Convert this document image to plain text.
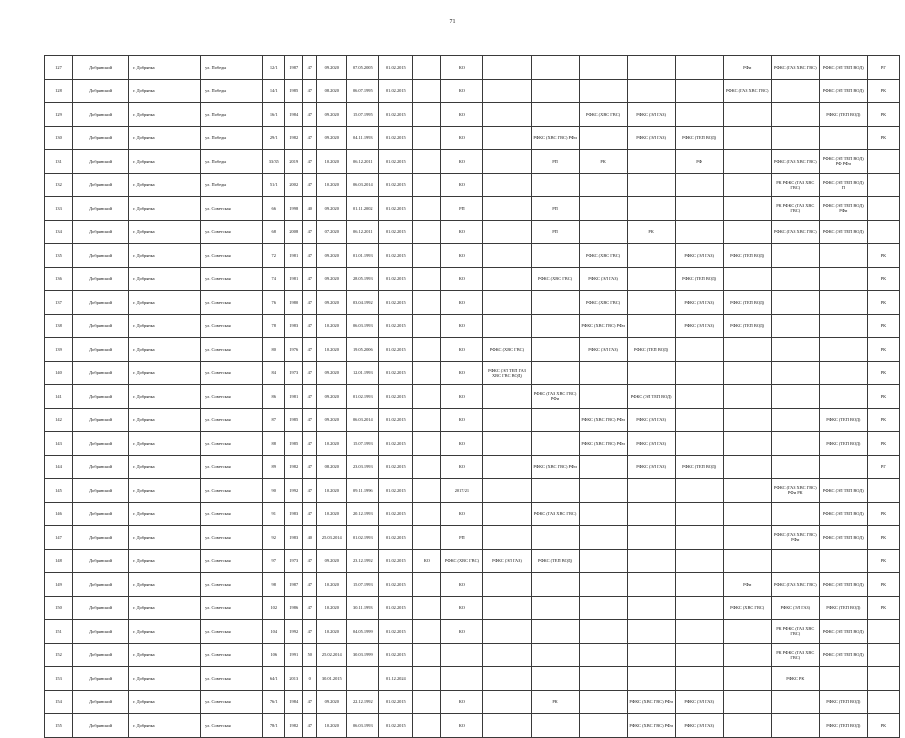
71
127	Добрянский	г. Добрянка	ул. Победы	12/1	1987	47	09.2020	07.05.2005	01.02.2015		КО						РФи	РФКС (ГАЗ ХВС ГВС)	РФКС (ЭЛ ТЕП ВОД)	РГ
128	Добрянский	г. Добрянка	ул. Победы	14/1	1985	47	08.2020	06.07.1995	01.02.2015		КО						РФКС (ГАЗ ХВС ГВС)		РФКС (ЭЛ ТЕП ВОД)	РК
129	Добрянский	г. Добрянка	ул. Победы	16/1	1984	47	09.2020	15.07.1995	01.02.2015		КО			РФКС (ХВС ГВС)	РФКС (ЭЛ ГАЗ)				РФКС (ТЕП ВОД)	РК
130	Добрянский	г. Добрянка	ул. Победы	29/1	1982	47	09.2020	04.11.1993	01.02.2015		КО		РФКС (ХВС ГВС) РФи		РФКС (ЭЛ ГАЗ)	РФКС (ТЕП ВОД)				РК
131	Добрянский	г. Добрянка	ул. Победы	33/35	2019	47	10.2020	06.12.2011	01.02.2015		КО		РП	РК		РФ		РФКС (ГАЗ ХВС ГВС)	РФКС (ЭЛ ТЕП ВОД) РФ РФи	
132	Добрянский	г. Добрянка	ул. Победы	51/1	2002	47	10.2020	06.03.2014	01.02.2015		КО							РК РФКС (ГАЗ ХВС ГВС)	РФКС (ЭЛ ТЕП ВОД) П	
133	Добрянский	г. Добрянка	ул. Советская	66	1998	40	09.2020	01.11.2002	01.02.2015		РП		РП					РК РФКС (ГАЗ ХВС ГВС)	РФКС (ЭЛ ТЕП ВОД) РФи	
134	Добрянский	г. Добрянка	ул. Советская	68	2008	47	07.2020	06.12.2011	01.02.2015		КО		РП		РК			РФКС (ГАЗ ХВС ГВС)	РФКС (ЭЛ ТЕП ВОД)	
135	Добрянский	г. Добрянка	ул. Советская	72	1981	47	09.2020	01.01.1993	01.02.2015		КО			РФКС (ХВС ГВС)		РФКС (ЭЛ ГАЗ)	РФКС (ТЕП ВОД)			РК
136	Добрянский	г. Добрянка	ул. Советская	74	1981	47	09.2020	28.05.1993	01.02.2015		КО		РФКС (ХВС ГВС)	РФКС (ЭЛ ГАЗ)		РФКС (ТЕП ВОД)				РК
137	Добрянский	г. Добрянка	ул. Советская	76	1980	47	09.2020	03.04.1992	01.02.2015		КО			РФКС (ХВС ГВС)		РФКС (ЭЛ ГАЗ)	РФКС (ТЕП ВОД)			РК
138	Добрянский	г. Добрянка	ул. Советская	78	1983	47	10.2020	06.03.1993	01.02.2015		КО			РФКС (ХВС ГВС) РФи		РФКС (ЭЛ ГАЗ)	РФКС (ТЕП ВОД)			РК
139	Добрянский	г. Добрянка	ул. Советская	80	1976	47	10.2020	19.05.2006	01.02.2015		КО	РФКС (ХВС ГВС)		РФКС (ЭЛ ГАЗ)	РФКС (ТЕП ВОД)					РК
140	Добрянский	г. Добрянка	ул. Советская	84	1973	47	09.2020	12.01.1993	01.02.2015		КО	РФКС (ЭЛ ТЕП ГАЗ ХВС ГВС ВОД)								РК
141	Добрянский	г. Добрянка	ул. Советская	86	1981	47	09.2020	01.02.1993	01.02.2015		КО		РФКС (ГАЗ ХВС ГВС) РФи		РФКС (ЭЛ ТЕП ВОД)					РК
142	Добрянский	г. Добрянка	ул. Советская	87	1985	47	09.2020	06.03.2014	01.02.2015		КО			РФКС (ХВС ГВС) РФи	РФКС (ЭЛ ГАЗ)				РФКС (ТЕП ВОД)	РК
143	Добрянский	г. Добрянка	ул. Советская	88	1985	47	10.2020	15.07.1993	01.02.2015		КО			РФКС (ХВС ГВС) РФи	РФКС (ЭЛ ГАЗ)				РФКС (ТЕП ВОД)	РК
144	Добрянский	г. Добрянка	ул. Советская	89	1982	47	08.2020	23.03.1993	01.02.2015		КО		РФКС (ХВС ГВС) РФи		РФКС (ЭЛ ГАЗ)	РФКС (ТЕП ВОД)				РГ
145	Добрянский	г. Добрянка	ул. Советская	90	1992	47	10.2020	09.11.1996	01.02.2015		2017/21							РФКС (ГАЗ ХВС ГВС) РФи РК	РФКС (ЭЛ ТЕП ВОД)	
146	Добрянский	г. Добрянка	ул. Советская	91	1983	47	10.2020	20.12.1993	01.02.2015		КО		РФКС (ГАЗ ХВС ГВС)						РФКС (ЭЛ ТЕП ВОД)	РК
147	Добрянский	г. Добрянка	ул. Советская	92	1983	40	25.03.2014	01.02.1993	01.02.2015		РП							РФКС (ГАЗ ХВС ГВС) РФи	РФКС (ЭЛ ТЕП ВОД)	РК
148	Добрянский	г. Добрянка	ул. Советская	97	1973	47	09.2020	23.12.1992	01.02.2015	КО	РФКС (ХВС ГВС)	РФКС (ЭЛ ГАЗ)	РФКС (ТЕП ВОД)							РК
149	Добрянский	г. Добрянка	ул. Советская	98	1987	47	10.2020	15.07.1993	01.02.2015		КО						РФи	РФКС (ГАЗ ХВС ГВС)	РФКС (ЭЛ ТЕП ВОД)	РК
150	Добрянский	г. Добрянка	ул. Советская	102	1986	47	10.2020	30.11.1993	01.02.2015		КО						РФКС (ХВС ГВС)	РФКС (ЭЛ ГАЗ)	РФКС (ТЕП ВОД)	РК
151	Добрянский	г. Добрянка	ул. Советская	104	1992	47	10.2020	04.05.1999	01.02.2015		КО							РК РФКС (ГАЗ ХВС ГВС)	РФКС (ЭЛ ТЕП ВОД)	
152	Добрянский	г. Добрянка	ул. Советская	106	1991	50	25.02.2014	30.03.1999	01.02.2015									РК РФКС (ГАЗ ХВС ГВС)	РФКС (ЭЛ ТЕП ВОД)	
153	Добрянский	г. Добрянка	ул. Советская	64/1	2013	0	30.01.2015		01.12.2024									РФКС РК		
154	Добрянский	г. Добрянка	ул. Советская	76/1	1984	47	09.2020	22.12.1992	01.02.2015		КО		РК		РФКС (ХВС ГВС) РФи	РФКС (ЭЛ ГАЗ)			РФКС (ТЕП ВОД)	
155	Добрянский	г. Добрянка	ул. Советская	78/1	1982	47	10.2020	06.03.1993	01.02.2015		КО				РФКС (ХВС ГВС) РФи	РФКС (ЭЛ ГАЗ)			РФКС (ТЕП ВОД)	РК
